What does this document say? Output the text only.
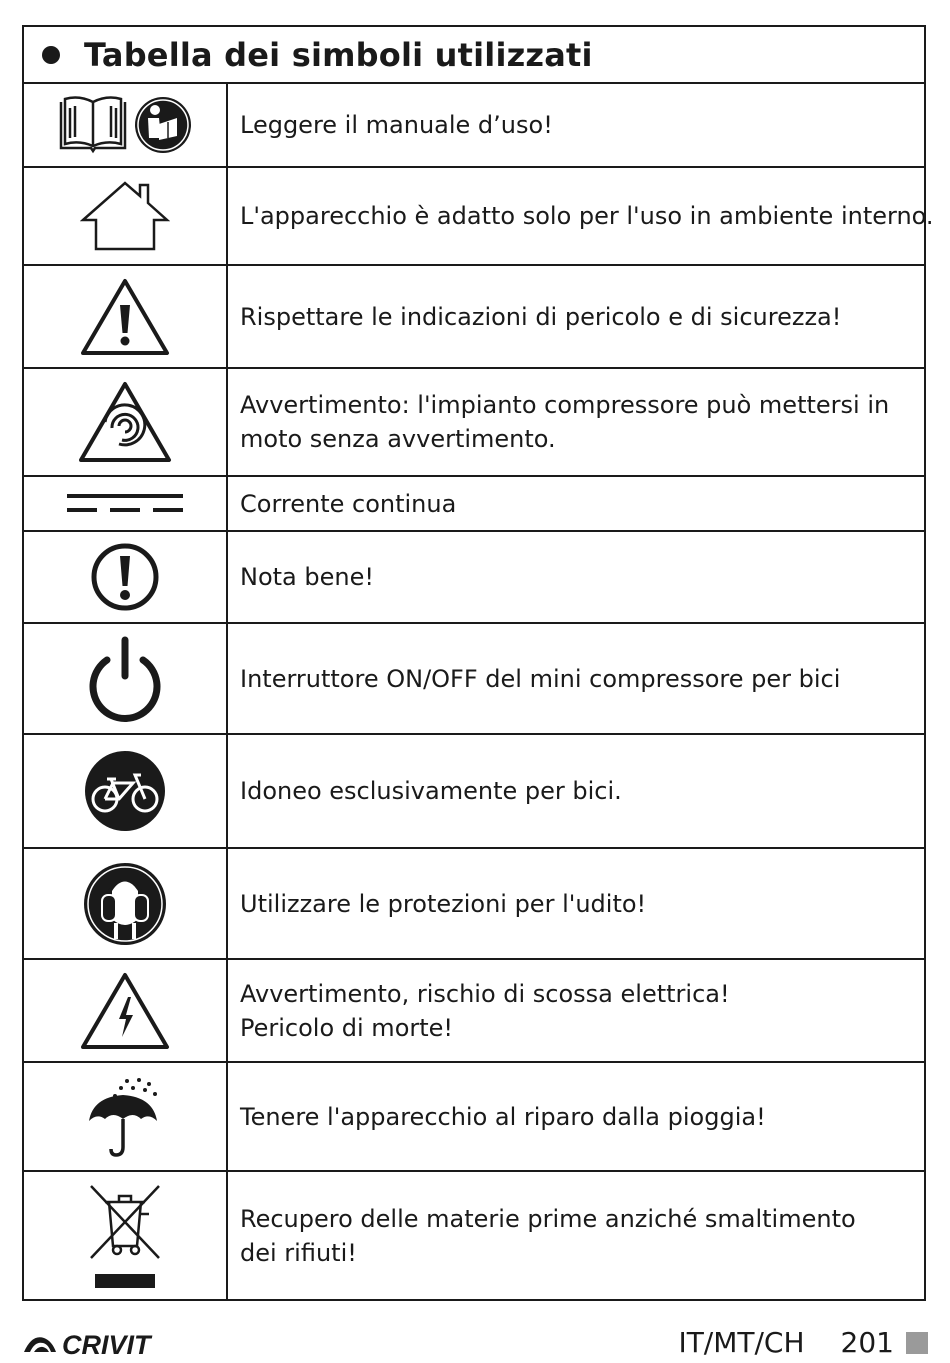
Tabella dei simboli utilizzati
Leggere il manuale d’uso!
L'apparecchio è adatto solo per l'uso in ambiente interno.
Rispettare le indicazioni di pericolo e di sicurezza!
Avvertimento: l'impianto compressore può mettersi in
moto senza avvertimento.
Corrente continua
Nota bene!
Interruttore ON/OFF del mini compressore per bici
Idoneo esclusivamente per bici.
Utilizzare le protezioni per l'udito!
Avvertimento, rischio di scossa elettrica!
Pericolo di morte!
Tenere l'apparecchio al riparo dalla pioggia!
Recupero delle materie prime anziché smaltimento
dei rifiuti!
CRIVIT	IT/MT/CH 201
